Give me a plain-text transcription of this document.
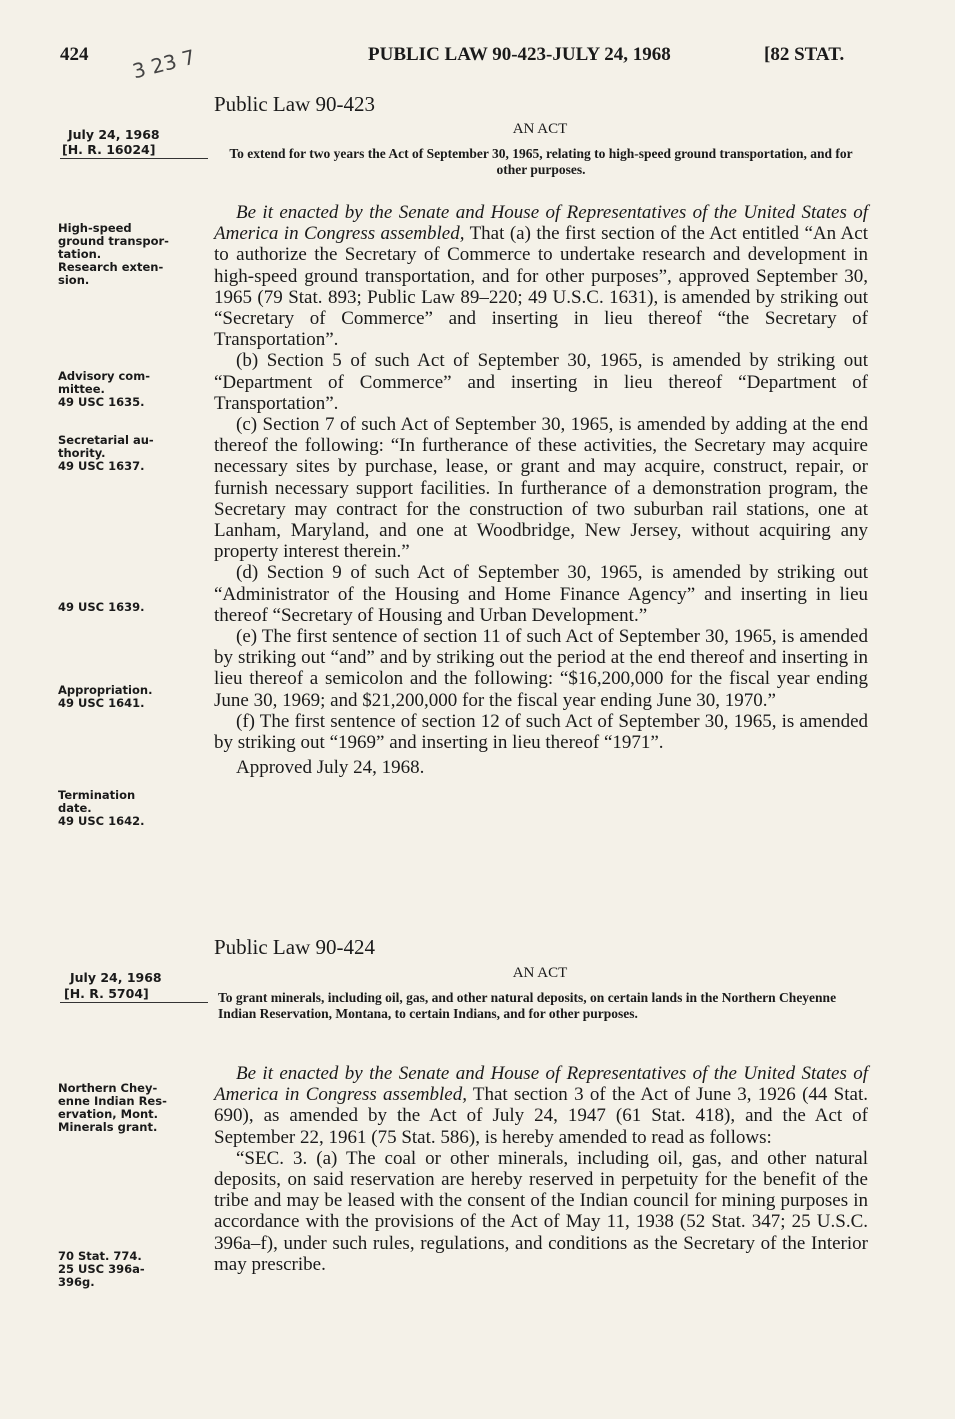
424	PUBLIC LAW 90-423-JULY 24, 1968	[82 STAT.
3 23 7
Public Law 90-423
July 24, 1968
[H. R. 16024]
AN ACT
To extend for two years the Act of September 30, 1965, relating to high-speed ground transportation, and for other purposes.
High-speed
ground transpor-
tation.
Research exten-
sion.
Advisory com-
mittee.
49 USC 1635.
Secretarial au-
thority.
49 USC 1637.
49 USC 1639.
Appropriation.
49 USC 1641.
Termination
date.
49 USC 1642.

Be it enacted by the Senate and House of Representatives of the United States of America in Congress assembled, That (a) the first section of the Act entitled “An Act to authorize the Secretary of Commerce to undertake research and development in high-speed ground transportation, and for other purposes”, approved September 30, 1965 (79 Stat. 893; Public Law 89–220; 49 U.S.C. 1631), is amended by striking out “Secretary of Commerce” and inserting in lieu thereof “the Secretary of Transportation”.

(b) Section 5 of such Act of September 30, 1965, is amended by striking out “Department of Commerce” and inserting in lieu thereof “Department of Transportation”.

(c) Section 7 of such Act of September 30, 1965, is amended by adding at the end thereof the following: “In furtherance of these activities, the Secretary may acquire necessary sites by purchase, lease, or grant and may acquire, construct, repair, or furnish necessary support facilities. In furtherance of a demonstration program, the Secretary may contract for the construction of two suburban rail stations, one at Lanham, Maryland, and one at Woodbridge, New Jersey, without acquiring any property interest therein.”

(d) Section 9 of such Act of September 30, 1965, is amended by striking out “Administrator of the Housing and Home Finance Agency” and inserting in lieu thereof “Secretary of Housing and Urban Development.”

(e) The first sentence of section 11 of such Act of September 30, 1965, is amended by striking out “and” and by striking out the period at the end thereof and inserting in lieu thereof a semicolon and the following: “$16,200,000 for the fiscal year ending June 30, 1969; and $21,200,000 for the fiscal year ending June 30, 1970.”

(f) The first sentence of section 12 of such Act of September 30, 1965, is amended by striking out “1969” and inserting in lieu thereof “1971”.

Approved July 24, 1968.

Public Law 90-424
July 24, 1968
[H. R. 5704]
AN ACT
To grant minerals, including oil, gas, and other natural deposits, on certain lands in the Northern Cheyenne Indian Reservation, Montana, to certain Indians, and for other purposes.
Northern Chey-
enne Indian Res-
ervation, Mont.
Minerals grant.
70 Stat. 774.
25 USC 396a-
396g.

Be it enacted by the Senate and House of Representatives of the United States of America in Congress assembled, That section 3 of the Act of June 3, 1926 (44 Stat. 690), as amended by the Act of July 24, 1947 (61 Stat. 418), and the Act of September 22, 1961 (75 Stat. 586), is hereby amended to read as follows:

“SEC. 3. (a) The coal or other minerals, including oil, gas, and other natural deposits, on said reservation are hereby reserved in perpetuity for the benefit of the tribe and may be leased with the consent of the Indian council for mining purposes in accordance with the provisions of the Act of May 11, 1938 (52 Stat. 347; 25 U.S.C. 396a–f), under such rules, regulations, and conditions as the Secretary of the Interior may prescribe.
